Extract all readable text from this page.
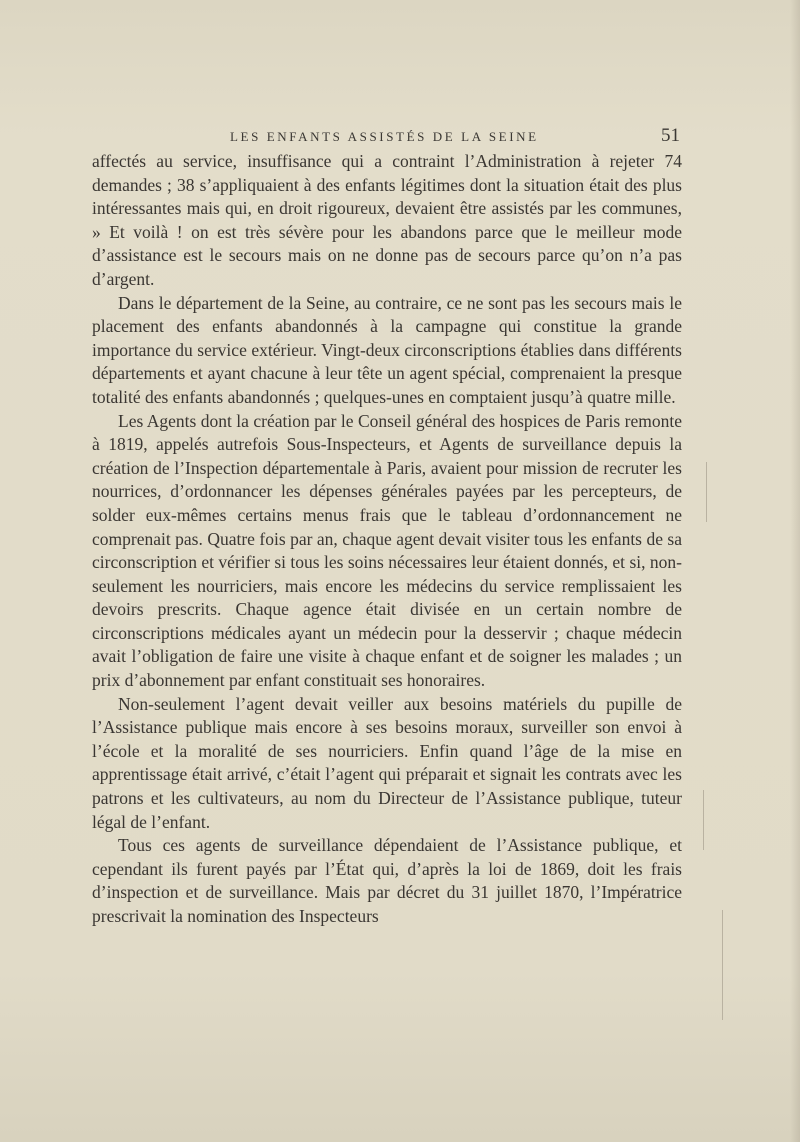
LES ENFANTS ASSISTÉS DE LA SEINE	51

affectés au service, insuffisance qui a contraint l’Administration à rejeter 74 demandes ; 38 s’appliquaient à des enfants légitimes dont la situation était des plus intéressantes mais qui, en droit rigoureux, devaient être assistés par les communes, » Et voilà ! on est très sévère pour les abandons parce que le meilleur mode d’assistance est le secours mais on ne donne pas de secours parce qu’on n’a pas d’argent.

Dans le département de la Seine, au contraire, ce ne sont pas les secours mais le placement des enfants abandonnés à la campagne qui constitue la grande importance du service extérieur. Vingt-deux circonscriptions établies dans différents départements et ayant chacune à leur tête un agent spécial, comprenaient la presque totalité des enfants abandonnés ; quelques-unes en comptaient jusqu’à quatre mille.

Les Agents dont la création par le Conseil général des hospices de Paris remonte à 1819, appelés autrefois Sous-Inspecteurs, et Agents de surveillance depuis la création de l’Inspection départementale à Paris, avaient pour mission de recruter les nourrices, d’ordonnancer les dépenses générales payées par les percepteurs, de solder eux-mêmes certains menus frais que le tableau d’ordonnancement ne comprenait pas. Quatre fois par an, chaque agent devait visiter tous les enfants de sa circonscription et vérifier si tous les soins nécessaires leur étaient donnés, et si, non-seulement les nourriciers, mais encore les médecins du service remplissaient les devoirs prescrits. Chaque agence était divisée en un certain nombre de circonscriptions médicales ayant un médecin pour la desservir ; chaque médecin avait l’obligation de faire une visite à chaque enfant et de soigner les malades ; un prix d’abonnement par enfant constituait ses honoraires.

Non-seulement l’agent devait veiller aux besoins matériels du pupille de l’Assistance publique mais encore à ses besoins moraux, surveiller son envoi à l’école et la moralité de ses nourriciers. Enfin quand l’âge de la mise en apprentissage était arrivé, c’était l’agent qui préparait et signait les contrats avec les patrons et les cultivateurs, au nom du Directeur de l’Assistance publique, tuteur légal de l’enfant.

Tous ces agents de surveillance dépendaient de l’Assistance publique, et cependant ils furent payés par l’État qui, d’après la loi de 1869, doit les frais d’inspection et de surveillance. Mais par décret du 31 juillet 1870, l’Impératrice prescrivait la nomination des Inspecteurs
